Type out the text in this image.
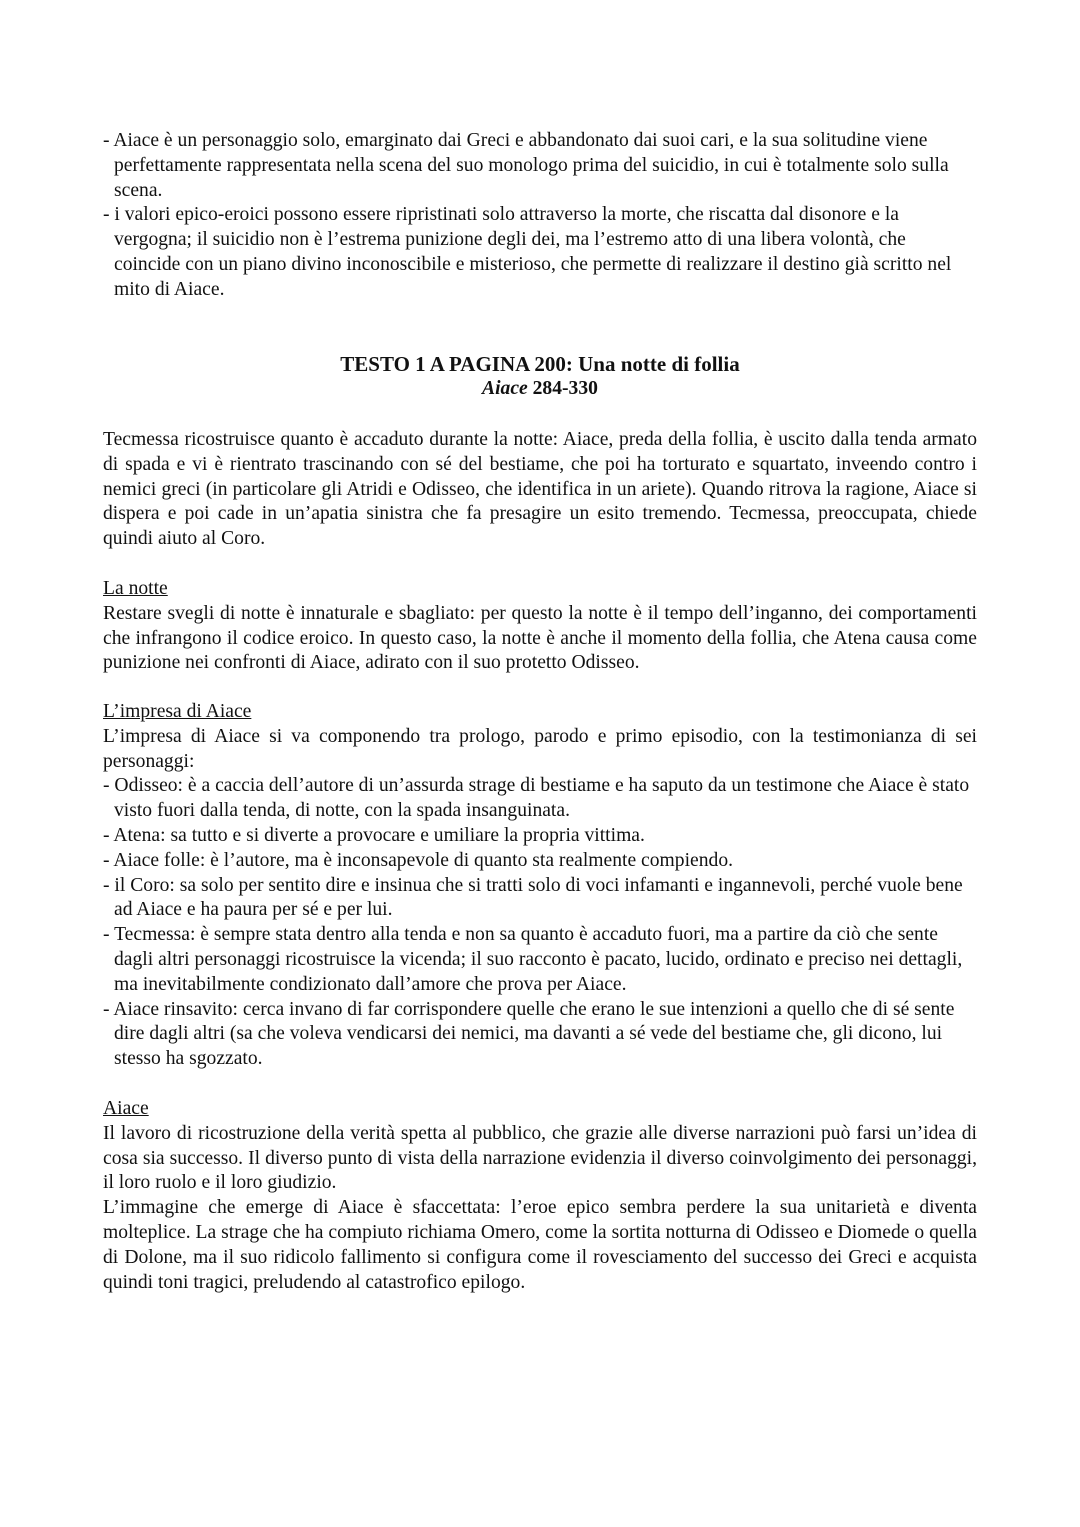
- Aiace è un personaggio solo, emarginato dai Greci e abbandonato dai suoi cari, e la sua solitudine viene perfettamente rappresentata nella scena del suo monologo prima del suicidio, in cui è totalmente solo sulla scena.

- i valori epico-eroici possono essere ripristinati solo attraverso la morte, che riscatta dal disonore e la vergogna; il suicidio non è l’estrema punizione degli dei, ma l’estremo atto di una libera volontà, che coincide con un piano divino inconoscibile e misterioso, che permette di realizzare il destino già scritto nel mito di Aiace.

TESTO 1 A PAGINA 200: Una notte di follia

Aiace 284-330

Tecmessa ricostruisce quanto è accaduto durante la notte: Aiace, preda della follia, è uscito dalla tenda armato di spada e vi è rientrato trascinando con sé del bestiame, che poi ha torturato e squartato, inveendo contro i nemici greci (in particolare gli Atridi e Odisseo, che identifica in un ariete). Quando ritrova la ragione, Aiace si dispera e poi cade in un’apatia sinistra che fa presagire un esito tremendo. Tecmessa, preoccupata, chiede quindi aiuto al Coro.

La notte

Restare svegli di notte è innaturale e sbagliato: per questo la notte è il tempo dell’inganno, dei comportamenti che infrangono il codice eroico. In questo caso, la notte è anche il momento della follia, che Atena causa come punizione nei confronti di Aiace, adirato con il suo protetto Odisseo.

L’impresa di Aiace

L’impresa di Aiace si va componendo tra prologo, parodo e primo episodio, con la testimonianza di sei personaggi:

- Odisseo: è a caccia dell’autore di un’assurda strage di bestiame e ha saputo da un testimone che Aiace è stato visto fuori dalla tenda, di notte, con la spada insanguinata.

- Atena: sa tutto e si diverte a provocare e umiliare la propria vittima.

- Aiace folle: è l’autore, ma è inconsapevole di quanto sta realmente compiendo.

- il Coro: sa solo per sentito dire e insinua che si tratti solo di voci infamanti e ingannevoli, perché vuole bene ad Aiace e ha paura per sé e per lui.

- Tecmessa: è sempre stata dentro alla tenda e non sa quanto è accaduto fuori, ma a partire da ciò che sente dagli altri personaggi ricostruisce la vicenda; il suo racconto è pacato, lucido, ordinato e preciso nei dettagli, ma inevitabilmente condizionato dall’amore che prova per Aiace.

- Aiace rinsavito: cerca invano di far corrispondere quelle che erano le sue intenzioni a quello che di sé sente dire dagli altri (sa che voleva vendicarsi dei nemici, ma davanti a sé vede del bestiame che, gli dicono, lui stesso ha sgozzato.

Aiace

Il lavoro di ricostruzione della verità spetta al pubblico, che grazie alle diverse narrazioni può farsi un’idea di cosa sia successo. Il diverso punto di vista della narrazione evidenzia il diverso coinvolgimento dei personaggi, il loro ruolo e il loro giudizio.

L’immagine che emerge di Aiace è sfaccettata: l’eroe epico sembra perdere la sua unitarietà e diventa molteplice. La strage che ha compiuto richiama Omero, come la sortita notturna di Odisseo e Diomede o quella di Dolone, ma il suo ridicolo fallimento si configura come il rovesciamento del successo dei Greci e acquista quindi toni tragici, preludendo al catastrofico epilogo.
